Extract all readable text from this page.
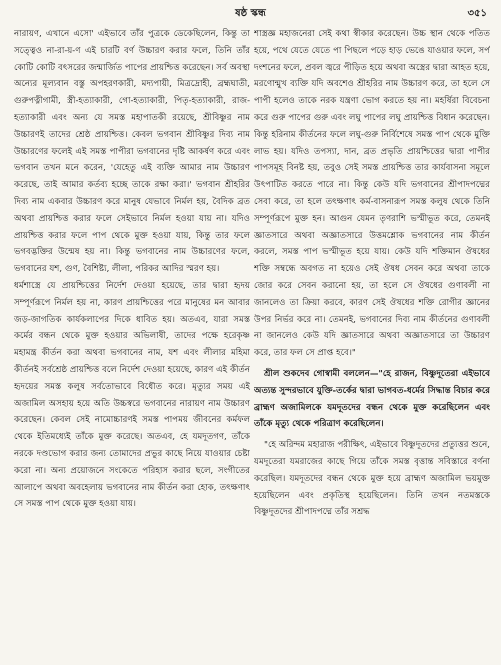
ষষ্ঠ স্কন্ধ	৩৫১

নারায়ণ, এখানে এসো' এইভাবে তাঁর পুত্রকে ডেকেছিলেন, কিন্তু তা সত্ত্বেও না-রা-য়-ণ এই চারটি বর্ণ উচ্চারণ করার ফলে, তিনি তাঁর কোটি কোটি বৎসরের জন্মার্জিত পাপের প্রায়শ্চিত্ত করেছেন। সর্ব অবস্থা অন্যের মূল্যবান বস্তু অপহরণকারী, মদ্যপায়ী, মিত্রদ্রোহী, ব্রহ্মঘাতী, গুরুপত্নীগামী, স্ত্রী-হত্যাকারী, গো-হত্যাকারী, পিতৃ-হত্যাকারী, রাজ-হত্যাকারী এবং অন্য যে সমস্ত মহাপাতকী রয়েছে, শ্রীবিষ্ণুর নাম উচ্চারণই তাদের শ্রেষ্ঠ প্রায়শ্চিত্ত। কেবল ভগবান শ্রীবিষ্ণুর দিব্য নাম উচ্চারণের ফলেই এই সমস্ত পাপীরা ভগবানের দৃষ্টি আকর্ষণ করে এবং ভগবান তখন মনে করেন, 'যেহেতু এই ব্যক্তি আমার নাম উচ্চারণ করেছে, তাই আমার কর্তব্য হচ্ছে তাকে রক্ষা করা।' ভগবান শ্রীহরির দিব্য নাম একবার উচ্চারণ করে মানুষ যেভাবে নির্মল হয়, বৈদিক ব্রত অথবা প্রায়শ্চিত্ত করার ফলে সেইভাবে নির্মল হওয়া যায় না। যদিও প্রায়শ্চিত্ত করার ফলে পাপ থেকে মুক্ত হওয়া যায়, কিন্তু তার ফলে ভগবদ্ভক্তির উন্মেষ হয় না। কিন্তু ভগবানের নাম উচ্চারণের ফলে, ভগবানের যশ, গুণ, বৈশিষ্ট্য, লীলা, পরিকর আদির স্মরণ হয়।

ধর্মশাস্ত্রে যে প্রায়শ্চিত্তের নির্দেশ দেওয়া হয়েছে, তার দ্বারা হৃদয় সম্পূর্ণরূপে নির্মল হয় না, কারণ প্রায়শ্চিত্তের পরে মানুষের মন আবার জড়-জাগতিক কার্যকলাপের দিকে ধাবিত হয়। অতএব, যারা সমস্ত কর্মের বন্ধন থেকে মুক্ত হওয়ার অভিলাষী, তাদের পক্ষে হরেকৃষ্ণ মহামন্ত্র কীর্তন করা অথবা ভগবানের নাম, যশ এবং লীলার মহিমা কীর্তনই সর্বশ্রেষ্ঠ প্রায়শ্চিত্ত বলে নির্দেশ দেওয়া হয়েছে, কারণ এই কীর্তন হৃদয়ের সমস্ত কলুষ সর্বতোভাবে বিধৌত করে। মৃত্যুর সময় এই অজামিল অসহায় হয়ে অতি উচ্চস্বরে ভগবানের নারায়ণ নাম উচ্চারণ করেছেন। কেবল সেই নামোচ্চারণই সমস্ত পাপময় জীবনের কর্মফল থেকে ইতিমধ্যেই তাঁকে মুক্ত করেছে। অতএব, হে যমদূতগণ, তাঁকে নরকে দণ্ডভোগ করার জন্য তোমাদের প্রভুর কাছে নিয়ে যাওয়ার চেষ্টা করো না। অন্য প্রয়োজনে সংকেতে পরিহাস করার ছলে, সংগীতের আলাপে অথবা অবহেলায় ভগবানের নাম কীর্তন করা হোক, তৎক্ষণাৎ সে সমস্ত পাপ থেকে মুক্ত হওয়া যায়।

শাস্ত্রজ্ঞ মহাজনেরা সেই কথা স্বীকার করেছেন। উচ্চ স্থান থেকে পতিত হয়ে, পথে যেতে যেতে পা পিছলে পড়ে হাড় ভেঙে যাওয়ার ফলে, সর্প দংশনের ফলে, প্রবল জ্বরে পীড়িত হয়ে অথবা অস্ত্রের দ্বারা আহত হয়ে, মরণোন্মুখ ব্যক্তি যদি অবশেও শ্রীহরির নাম উচ্চারণ করে, তা হলে সে পাপী হলেও তাকে নরক যন্ত্রণা ভোগ করতে হয় না। মহর্ষিরা বিবেচনা করে গুরু পাপের গুরু এবং লঘু পাপের লঘু প্রায়শ্চিত্ত বিধান করেছেন। কিন্তু হরিনাম কীর্তনের ফলে লঘু-গুরু নির্বিশেষে সমস্ত পাপ থেকে মুক্তি লাভ হয়। যদিও তপস্যা, দান, ব্রত প্রভৃতি প্রায়শ্চিত্তের দ্বারা পাপীর পাপসমূহ বিনষ্ট হয়, তবুও সেই সমস্ত প্রায়শ্চিত্ত তার কার্যবাসনা সমূলে উৎপাটিত করতে পারে না। কিন্তু কেউ যদি ভগবানের শ্রীপাদপদ্মের সেবা করে, তা হলে তৎক্ষণাৎ কর্ম-বাসনারূপ সমস্ত কলুষ থেকে তিনি সম্পূর্ণরূপে মুক্ত হন। আগুন যেমন তৃণরাশি ভস্মীভূত করে, তেমনই জ্ঞাতসারে অথবা অজ্ঞাতসারে উত্তমশ্লোক ভগবানের নাম কীর্তন করলে, সমস্ত পাপ ভস্মীভূত হয়ে যায়। কেউ যদি শক্তিমান ঔষধের শক্তি সম্বন্ধে অবগত না হয়েও সেই ঔষধ সেবন করে অথবা তাকে জোর করে সেবন করানো হয়, তা হলে সে ঔষধের গুণাবলী না জানলেও তা ক্রিয়া করবে, কারণ সেই ঔষধের শক্তি রোগীর জ্ঞানের উপর নির্ভর করে না। তেমনই, ভগবানের দিব্য নাম কীর্তনের গুণাবলী না জানলেও কেউ যদি জ্ঞাতসারে অথবা অজ্ঞাতসারে তা উচ্চারণ করে, তার ফল সে প্রাপ্ত হবে।"

শ্রীল শুকদেব গোস্বামী বললেন—"হে রাজন, বিষ্ণুদূতেরা এইভাবে অত্যন্ত সুন্দরভাবে যুক্তি-তর্কের দ্বারা ভাগবত-ধর্মের সিদ্ধান্ত বিচার করে ব্রাহ্মণ অজামিলকে যমদূতদের বন্ধন থেকে মুক্ত করেছিলেন এবং তাঁকে মৃত্যু থেকে পরিত্রাণ করেছিলেন।

"হে অরিন্দম মহারাজ পরীক্ষিৎ, এইভাবে বিষ্ণুদূতদের প্রত্যুত্তর শুনে, যমদূতেরা যমরাজের কাছে গিয়ে তাঁকে সমস্ত বৃত্তান্ত সবিস্তারে বর্ণনা করেছিল। যমদূতদের বন্ধন থেকে মুক্ত হয়ে ব্রাহ্মণ অজামিল ভয়মুক্ত হয়েছিলেন এবং প্রকৃতিস্থ হয়েছিলেন। তিনি তখন নতমস্তকে বিষ্ণুদূতদের শ্রীপাদপদ্মে তাঁর সশ্রদ্ধ
